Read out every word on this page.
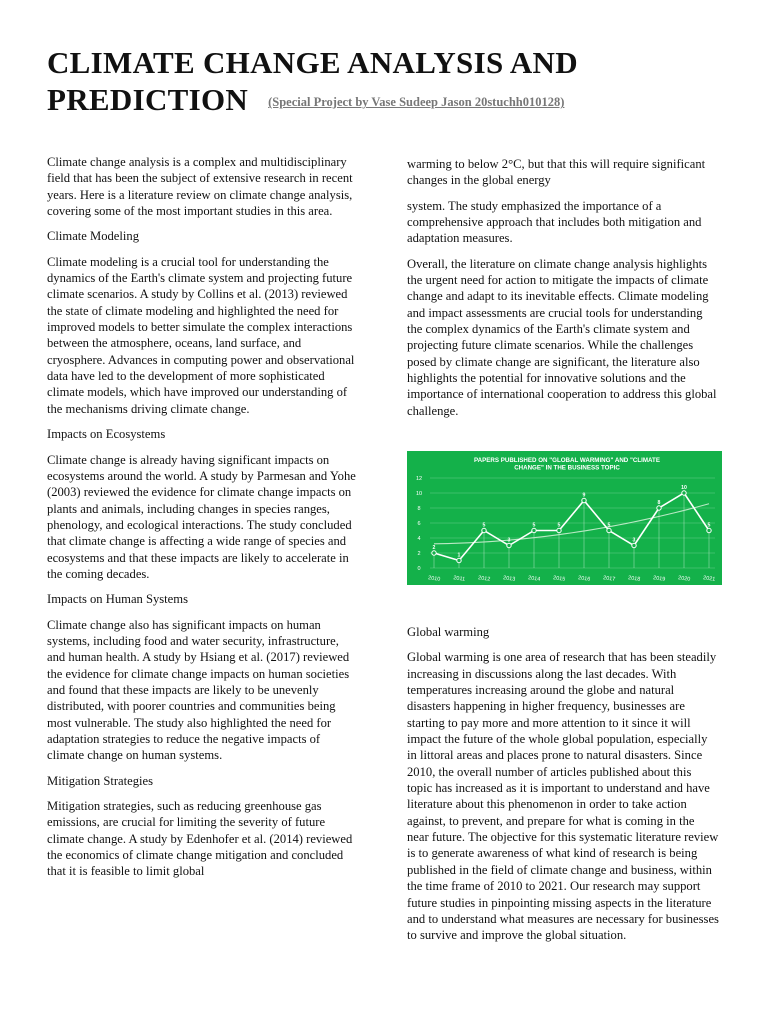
CLIMATE CHANGE ANALYSIS AND PREDICTION (Special Project by Vase Sudeep Jason 20stuchh010128)

Climate change analysis is a complex and multidisciplinary field that has been the subject of extensive research in recent years. Here is a literature review on climate change analysis, covering some of the most important studies in this area.

Climate Modeling

Climate modeling is a crucial tool for understanding the dynamics of the Earth's climate system and projecting future climate scenarios. A study by Collins et al. (2013) reviewed the state of climate modeling and highlighted the need for improved models to better simulate the complex interactions between the atmosphere, oceans, land surface, and cryosphere. Advances in computing power and observational data have led to the development of more sophisticated climate models, which have improved our understanding of the mechanisms driving climate change.

Impacts on Ecosystems

Climate change is already having significant impacts on ecosystems around the world. A study by Parmesan and Yohe (2003) reviewed the evidence for climate change impacts on plants and animals, including changes in species ranges, phenology, and ecological interactions. The study concluded that climate change is affecting a wide range of species and ecosystems and that these impacts are likely to accelerate in the coming decades.

Impacts on Human Systems

Climate change also has significant impacts on human systems, including food and water security, infrastructure, and human health. A study by Hsiang et al. (2017) reviewed the evidence for climate change impacts on human societies and found that these impacts are likely to be unevenly distributed, with poorer countries and communities being most vulnerable. The study also highlighted the need for adaptation strategies to reduce the negative impacts of climate change on human systems.

Mitigation Strategies

Mitigation strategies, such as reducing greenhouse gas emissions, are crucial for limiting the severity of future climate change. A study by Edenhofer et al. (2014) reviewed the economics of climate change mitigation and concluded that it is feasible to limit global

warming to below 2°C, but that this will require significant changes in the global energy

system. The study emphasized the importance of a comprehensive approach that includes both mitigation and adaptation measures.

Overall, the literature on climate change analysis highlights the urgent need for action to mitigate the impacts of climate change and adapt to its inevitable effects. Climate modeling and impact assessments are crucial tools for understanding the complex dynamics of the Earth's climate system and projecting future climate scenarios. While the challenges posed by climate change are significant, the literature also highlights the potential for innovative solutions and the importance of international cooperation to address this global challenge.

PAPERS PUBLISHED ON "GLOBAL WARMING" AND "CLIMATE
CHANGE" IN THE BUSINESS TOPIC
0
2
4
6
8
10
12
2
1
5
3
5	5
9
5
3
8
10
5
2010 2011 2012 2013 2014 2015 2016 2017 2018 2019 2020 2021
Global warming

Global warming is one area of research that has been steadily increasing in discussions along the last decades. With temperatures increasing around the globe and natural disasters happening in higher frequency, businesses are starting to pay more and more attention to it since it will impact the future of the whole global population, especially in littoral areas and places prone to natural disasters. Since 2010, the overall number of articles published about this topic has increased as it is important to understand and have literature about this phenomenon in order to take action against, to prevent, and prepare for what is coming in the near future. The objective for this systematic literature review is to generate awareness of what kind of research is being published in the field of climate change and business, within the time frame of 2010 to 2021. Our research may support future studies in pinpointing missing aspects in the literature and to understand what measures are necessary for businesses to survive and improve the global situation.
